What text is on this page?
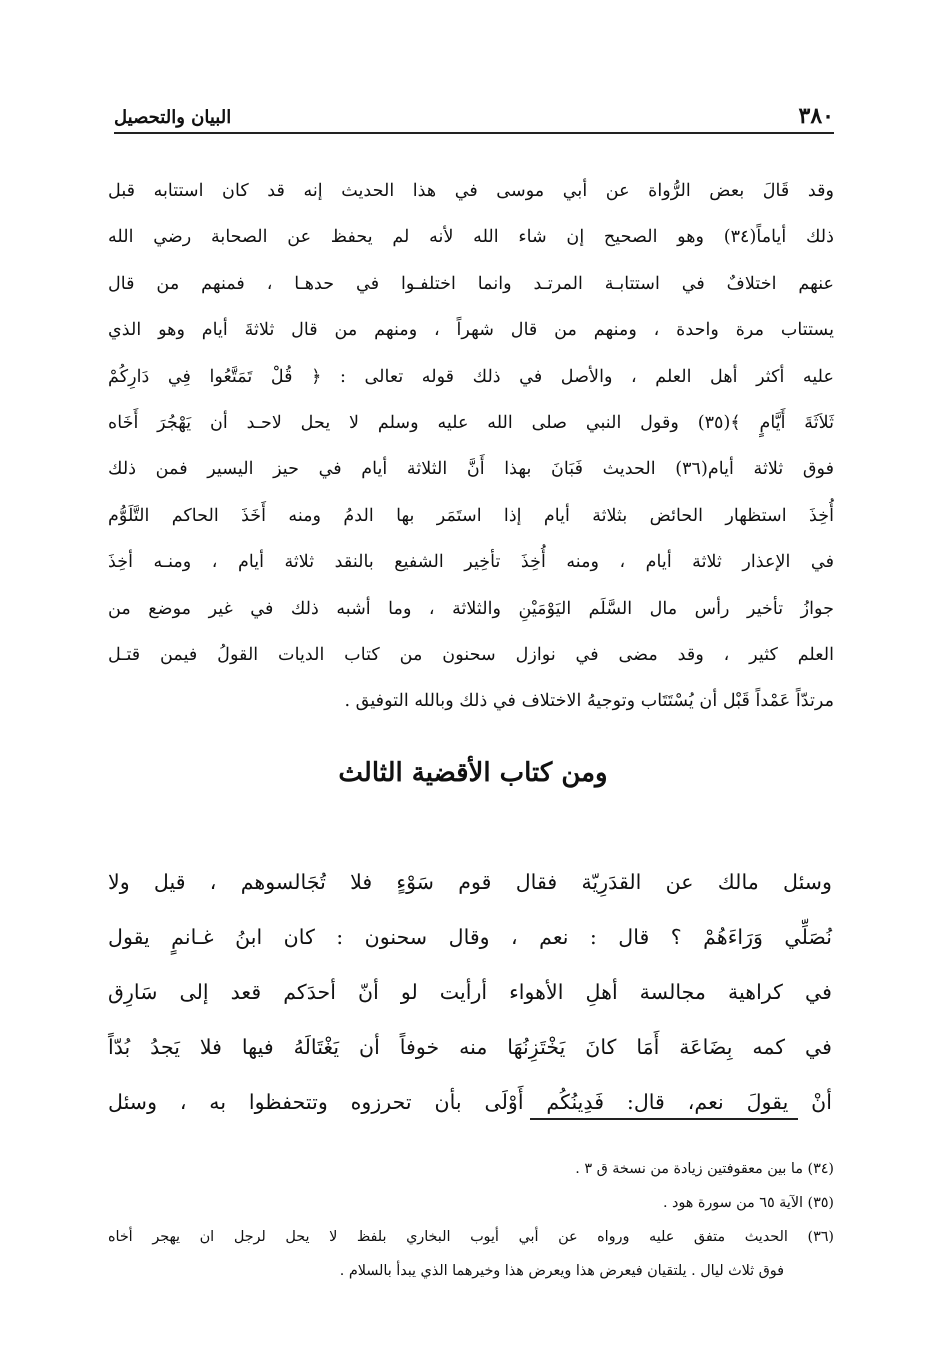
٣٨٠
البيان والتحصيل
وقد قَالَ بعض الرُّواة عن أبي موسى في هذا الحديث إنه قد كان استتابه قبل
ذلك أياماً(٣٤) وهو الصحيح إن شاء الله لأنه لم يحفظ عن الصحابة رضي الله
عنهم اختلافٌ في استتابـة المرتـد وانما اختلفـوا في حدهـا ، فمنهم من قال
يستتاب مرة واحدة ، ومنهم من قال شهراً ، ومنهم من قال ثلاثةَ أيام وهو الذي
عليه أكثر أهل العلم ، والأصل في ذلك قوله تعالى : ﴿ قُلْ تَمَتَّعُوا فِي دَارِكُمْ
ثَلاَثَةَ أَيَّامٍ ﴾(٣٥) وقول النبي صلى الله عليه وسلم لا يحل لاحـد أن يَهْجُرَ أَخَاه
فوق ثلاثة أيام(٣٦) الحديث فَبَانَ بهذا أَنَّ الثلاثة أيام في حيز اليسير فمن ذلك
أُخِذَ استظهار الحائض بثلاثة أيام إذا استَمَر بها الدمُ ومنه أَخَذَ الحاكم التَّلَوُّم
في الإعذار ثلاثة أيام ، ومنه أُخِذَ تأخِير الشفيع بالنقد ثلاثة أيام ، ومنـه أخِذَ
جوازُ تأخير رأس مال السَّلَم اليَوْمَيْنِ والثلاثة ، وما أشبه ذلك في غير موضع من
العلم كثير ، وقد مضى في نوازل سحنون من كتاب الديات القولُ فيمن قتـل
مرتدّاً عَمْداً قَبْل أن يُسْتَتَاب وتوجيهُ الاختلاف في ذلك وبالله التوفيق .
ومن كتاب الأقضية الثالث
وسئل مالك عن القدَرِيّة فقال قوم سَوْءٍ فلا تُجَالسوهم ، قيل ولا
نُصَلِّي وَرَاءَهُمْ ؟ قال : نعم ، وقال سحنون : كان ابنُ غـانمٍ يقول
في كراهية مجالسة أهلِ الأهواء أرأيت لو أنّ أحدَكم قعد إلى سَارِق
في كمه بِضَاعَة أَمَا كانَ يَخْتَزِنُهَا منه خوفاً أن يَغْتَالَهُ فيها فلا يَجدُ بُدّاً
أنْ يقولَ نعم، قال: فَدِينُكُم أَوْلَى بأن تحرزوه وتتحفظوا به ، وسئل
(٣٤) ما بين معقوفتين زيادة من نسخة ق ٣ .
(٣٥) الآية ٦٥ من سورة هود .
(٣٦) الحديث متفق عليه ورواه عن أبي أيوب البخاري بلفظ لا يحل لرجل ان يهجر أخاه
فوق ثلاث ليال . يلتقيان فيعرض هذا ويعرض هذا وخيرهما الذي يبدأ بالسلام .
